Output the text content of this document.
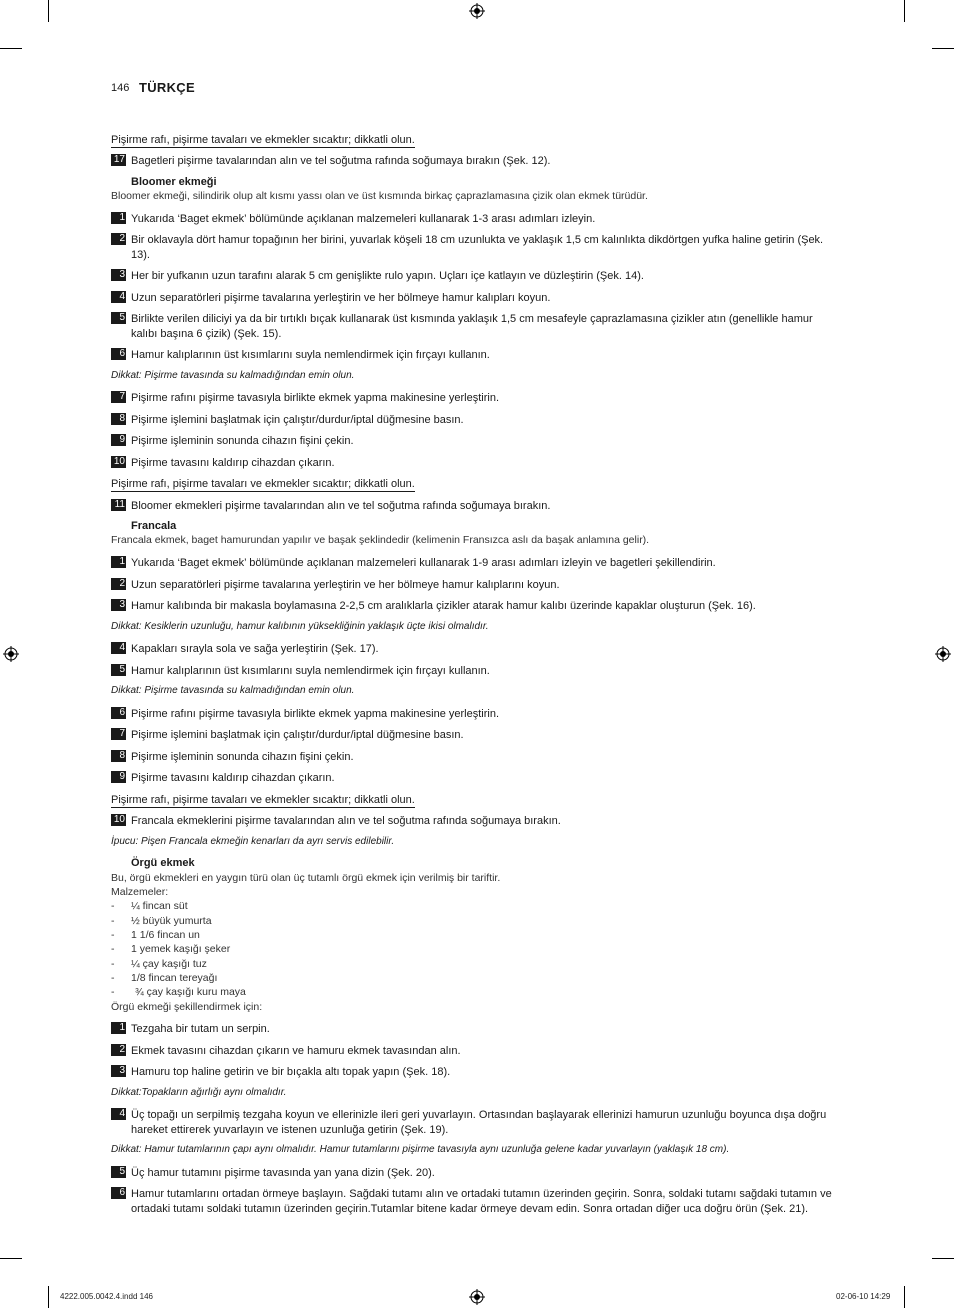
146 TÜRKÇE
Pişirme rafı, pişirme tavaları ve ekmekler sıcaktır; dikkatli olun.
17 Bagetleri pişirme tavalarından alın ve tel soğutma rafında soğumaya bırakın (Şek. 12).
Bloomer ekmeği
Bloomer ekmeği, silindirik olup alt kısmı yassı olan ve üst kısmında birkaç çaprazlamasına çizik olan ekmek türüdür.
1 Yukarıda ‘Baget ekmek’ bölümünde açıklanan malzemeleri kullanarak 1-3 arası adımları izleyin.
2 Bir oklavayla dört hamur topağının her birini, yuvarlak köşeli 18 cm uzunlukta ve yaklaşık 1,5 cm kalınlıkta dikdörtgen yufka haline getirin (Şek. 13).
3 Her bir yufkanın uzun tarafını alarak 5 cm genişlikte rulo yapın. Uçları içe katlayın ve düzleştirin (Şek. 14).
4 Uzun separatörleri pişirme tavalarına yerleştirin ve her bölmeye hamur kalıpları koyun.
5 Birlikte verilen diliciyi ya da bir tırtıklı bıçak kullanarak üst kısmında yaklaşık 1,5 cm mesafeyle çaprazlamasına çizikler atın (genellikle hamur kalıbı başına 6 çizik) (Şek. 15).
6 Hamur kalıplarının üst kısımlarını suyla nemlendirmek için fırçayı kullanın.
Dikkat: Pişirme tavasında su kalmadığından emin olun.
7 Pişirme rafını pişirme tavasıyla birlikte ekmek yapma makinesine yerleştirin.
8 Pişirme işlemini başlatmak için çalıştır/durdur/iptal düğmesine basın.
9 Pişirme işleminin sonunda cihazın fişini çekin.
10 Pişirme tavasını kaldırıp cihazdan çıkarın.
Pişirme rafı, pişirme tavaları ve ekmekler sıcaktır; dikkatli olun.
11 Bloomer ekmekleri pişirme tavalarından alın ve tel soğutma rafında soğumaya bırakın.
Francala
Francala ekmek, baget hamurundan yapılır ve başak şeklindedir (kelimenin Fransızca aslı da başak anlamına gelir).
1 Yukarıda ‘Baget ekmek’ bölümünde açıklanan malzemeleri kullanarak 1-9 arası adımları izleyin ve bagetleri şekillendirin.
2 Uzun separatörleri pişirme tavalarına yerleştirin ve her bölmeye hamur kalıplarını koyun.
3 Hamur kalıbında bir makasla boylamasına 2-2,5 cm aralıklarla çizikler atarak hamur kalıbı üzerinde kapaklar oluşturun (Şek. 16).
Dikkat: Kesiklerin uzunluğu, hamur kalıbının yüksekliğinin yaklaşık üçte ikisi olmalıdır.
4 Kapakları sırayla sola ve sağa yerleştirin (Şek. 17).
5 Hamur kalıplarının üst kısımlarını suyla nemlendirmek için fırçayı kullanın.
Dikkat: Pişirme tavasında su kalmadığından emin olun.
6 Pişirme rafını pişirme tavasıyla birlikte ekmek yapma makinesine yerleştirin.
7 Pişirme işlemini başlatmak için çalıştır/durdur/iptal düğmesine basın.
8 Pişirme işleminin sonunda cihazın fişini çekin.
9 Pişirme tavasını kaldırıp cihazdan çıkarın.
Pişirme rafı, pişirme tavaları ve ekmekler sıcaktır; dikkatli olun.
10 Francala ekmeklerini pişirme tavalarından alın ve tel soğutma rafında soğumaya bırakın.
İpucu: Pişen Francala ekmeğin kenarları da ayrı servis edilebilir.
Örgü ekmek
Bu, örgü ekmekleri en yaygın türü olan üç tutamlı örgü ekmek için verilmiş bir tariftir.
Malzemeler:
- ¼ fincan süt
- ½ büyük yumurta
- 1 1/6 fincan un
- 1 yemek kaşığı şeker
- ¼ çay kaşığı tuz
- 1/8 fincan tereyağı
- ¾ çay kaşığı kuru maya
Örgü ekmeği şekillendirmek için:
1 Tezgaha bir tutam un serpin.
2 Ekmek tavasını cihazdan çıkarın ve hamuru ekmek tavasından alın.
3 Hamuru top haline getirin ve bir bıçakla altı topak yapın (Şek. 18).
Dikkat:Topakların ağırlığı aynı olmalıdır.
4 Üç topağı un serpilmiş tezgaha koyun ve ellerinizle ileri geri yuvarlayın. Ortasından başlayarak ellerinizi hamurun uzunluğu boyunca dışa doğru hareket ettirerek yuvarlayın ve istenen uzunluğa getirin (Şek. 19).
Dikkat: Hamur tutamlarının çapı aynı olmalıdır. Hamur tutamlarını pişirme tavasıyla aynı uzunluğa gelene kadar yuvarlayın (yaklaşık 18 cm).
5 Üç hamur tutamını pişirme tavasında yan yana dizin (Şek. 20).
6 Hamur tutamlarını ortadan örmeye başlayın. Sağdaki tutamı alın ve ortadaki tutamın üzerinden geçirin. Sonra, soldaki tutamı sağdaki tutamın ve ortadaki tutamı soldaki tutamın üzerinden geçirin.Tutamlar bitene kadar örmeye devam edin. Sonra ortadan diğer uca doğru örün (Şek. 21).
4222.005.0042.4.indd 146	02-06-10 14:29
